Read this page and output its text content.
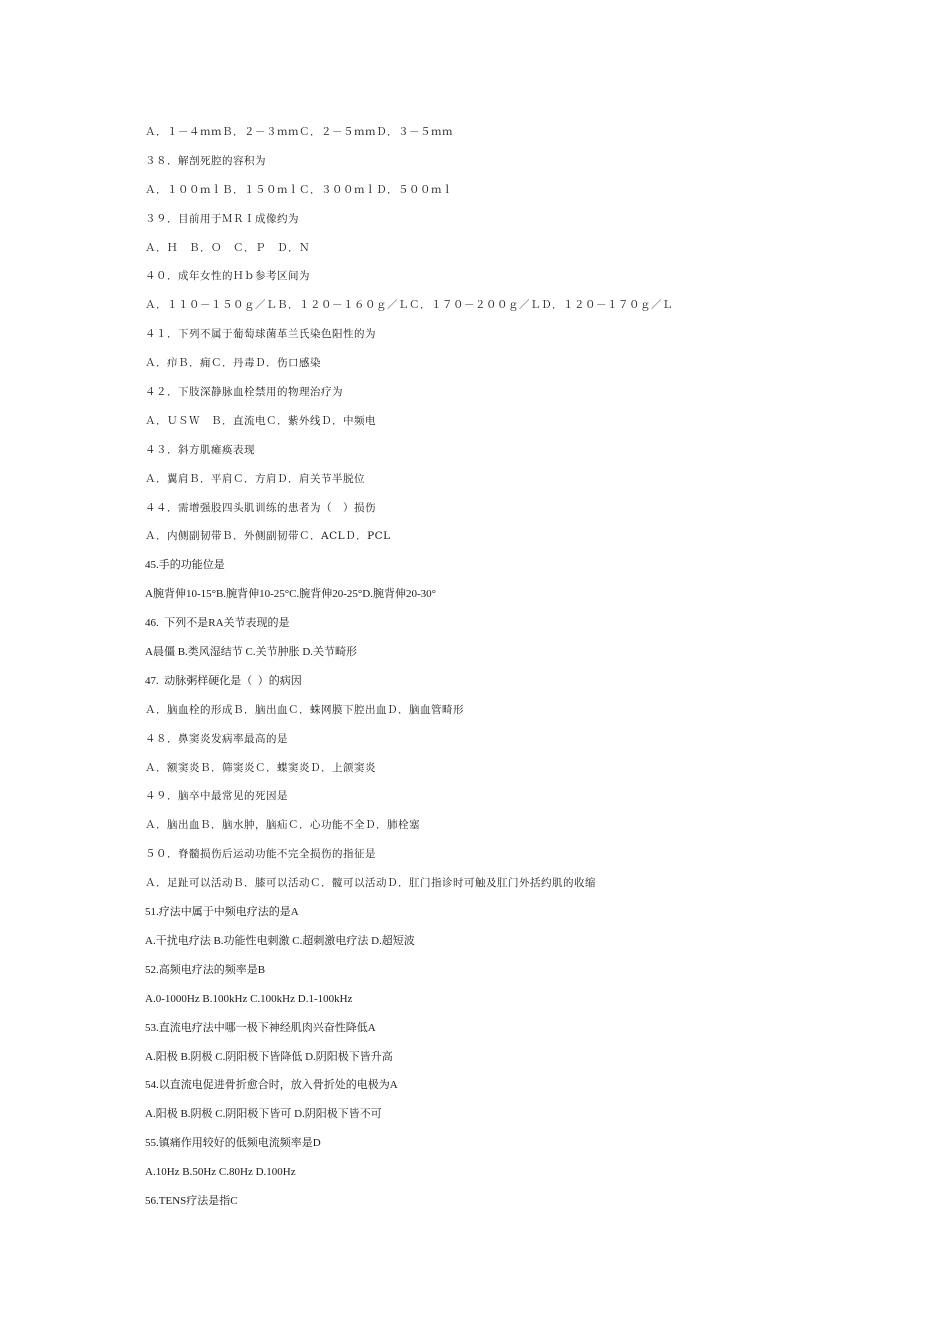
Ａ．１－４ｍｍＢ．２－３ｍｍＣ．２－５ｍｍＤ．３－５ｍｍ
３８．解剖死腔的容积为
Ａ．１００ｍｌＢ．１５０ｍｌＣ．３００ｍｌＤ．５００ｍｌ
３９．目前用于ＭＲＩ成像约为
Ａ．Ｈ　Ｂ．Ｏ　Ｃ．Ｐ　Ｄ．Ｎ
４０．成年女性的Ｈｂ参考区间为
Ａ．１１０－１５０ｇ／ＬＢ．１２０－１６０ｇ／ＬＣ．１７０－２００ｇ／ＬＤ．１２０－１７０ｇ／Ｌ
４１．下列不属于葡萄球菌革兰氏染色阳性的为
Ａ．疖Ｂ．痈Ｃ．丹毒Ｄ．伤口感染
４２．下肢深静脉血栓禁用的物理治疗为
Ａ．ＵＳＷ　Ｂ．直流电Ｃ．紫外线Ｄ．中频电
４３．斜方肌瘫痪表现
Ａ．翼肩Ｂ．平肩Ｃ．方肩Ｄ．肩关节半脱位
４４．需增强股四头肌训练的患者为（　）损伤
Ａ．内侧副韧带Ｂ．外侧副韧带Ｃ．ACLＤ．PCL
45.手的功能位是
A腕背伸10-15°B.腕背伸10-25°C.腕背伸20-25°D.腕背伸20-30°
46.  下列不是RA关节表现的是
A晨僵 B.类风湿结节 C.关节肿胀 D.关节畸形
47.  动脉粥样硬化是（  ）的病因
Ａ．脑血栓的形成Ｂ．脑出血Ｃ．蛛网膜下腔出血Ｄ．脑血管畸形
４８．鼻窦炎发病率最高的是
Ａ．额窦炎Ｂ．筛窦炎Ｃ．蝶窦炎Ｄ．上颌窦炎
４９．脑卒中最常见的死因是
Ａ．脑出血Ｂ．脑水肿，脑疝Ｃ．心功能不全Ｄ．肺栓塞
５０．脊髓损伤后运动功能不完全损伤的指征是
Ａ．足趾可以活动Ｂ．膝可以活动Ｃ．髋可以活动Ｄ．肛门指诊时可触及肛门外括约肌的收缩
51.疗法中属于中频电疗法的是A
A.干扰电疗法 B.功能性电刺激 C.超刺激电疗法 D.超短波
52.高频电疗法的频率是B
A.0-1000Hz B.100kHz C.100kHz D.1-100kHz
53.直流电疗法中哪一极下神经肌肉兴奋性降低A
A.阳极 B.阴极 C.阴阳极下皆降低 D.阴阳极下皆升高
54.以直流电促进骨折愈合时，放入骨折处的电极为A
A.阳极 B.阴极 C.阴阳极下皆可 D.阴阳极下皆不可
55.镇痛作用较好的低频电流频率是D
A.10Hz B.50Hz C.80Hz D.100Hz
56.TENS疗法是指C
